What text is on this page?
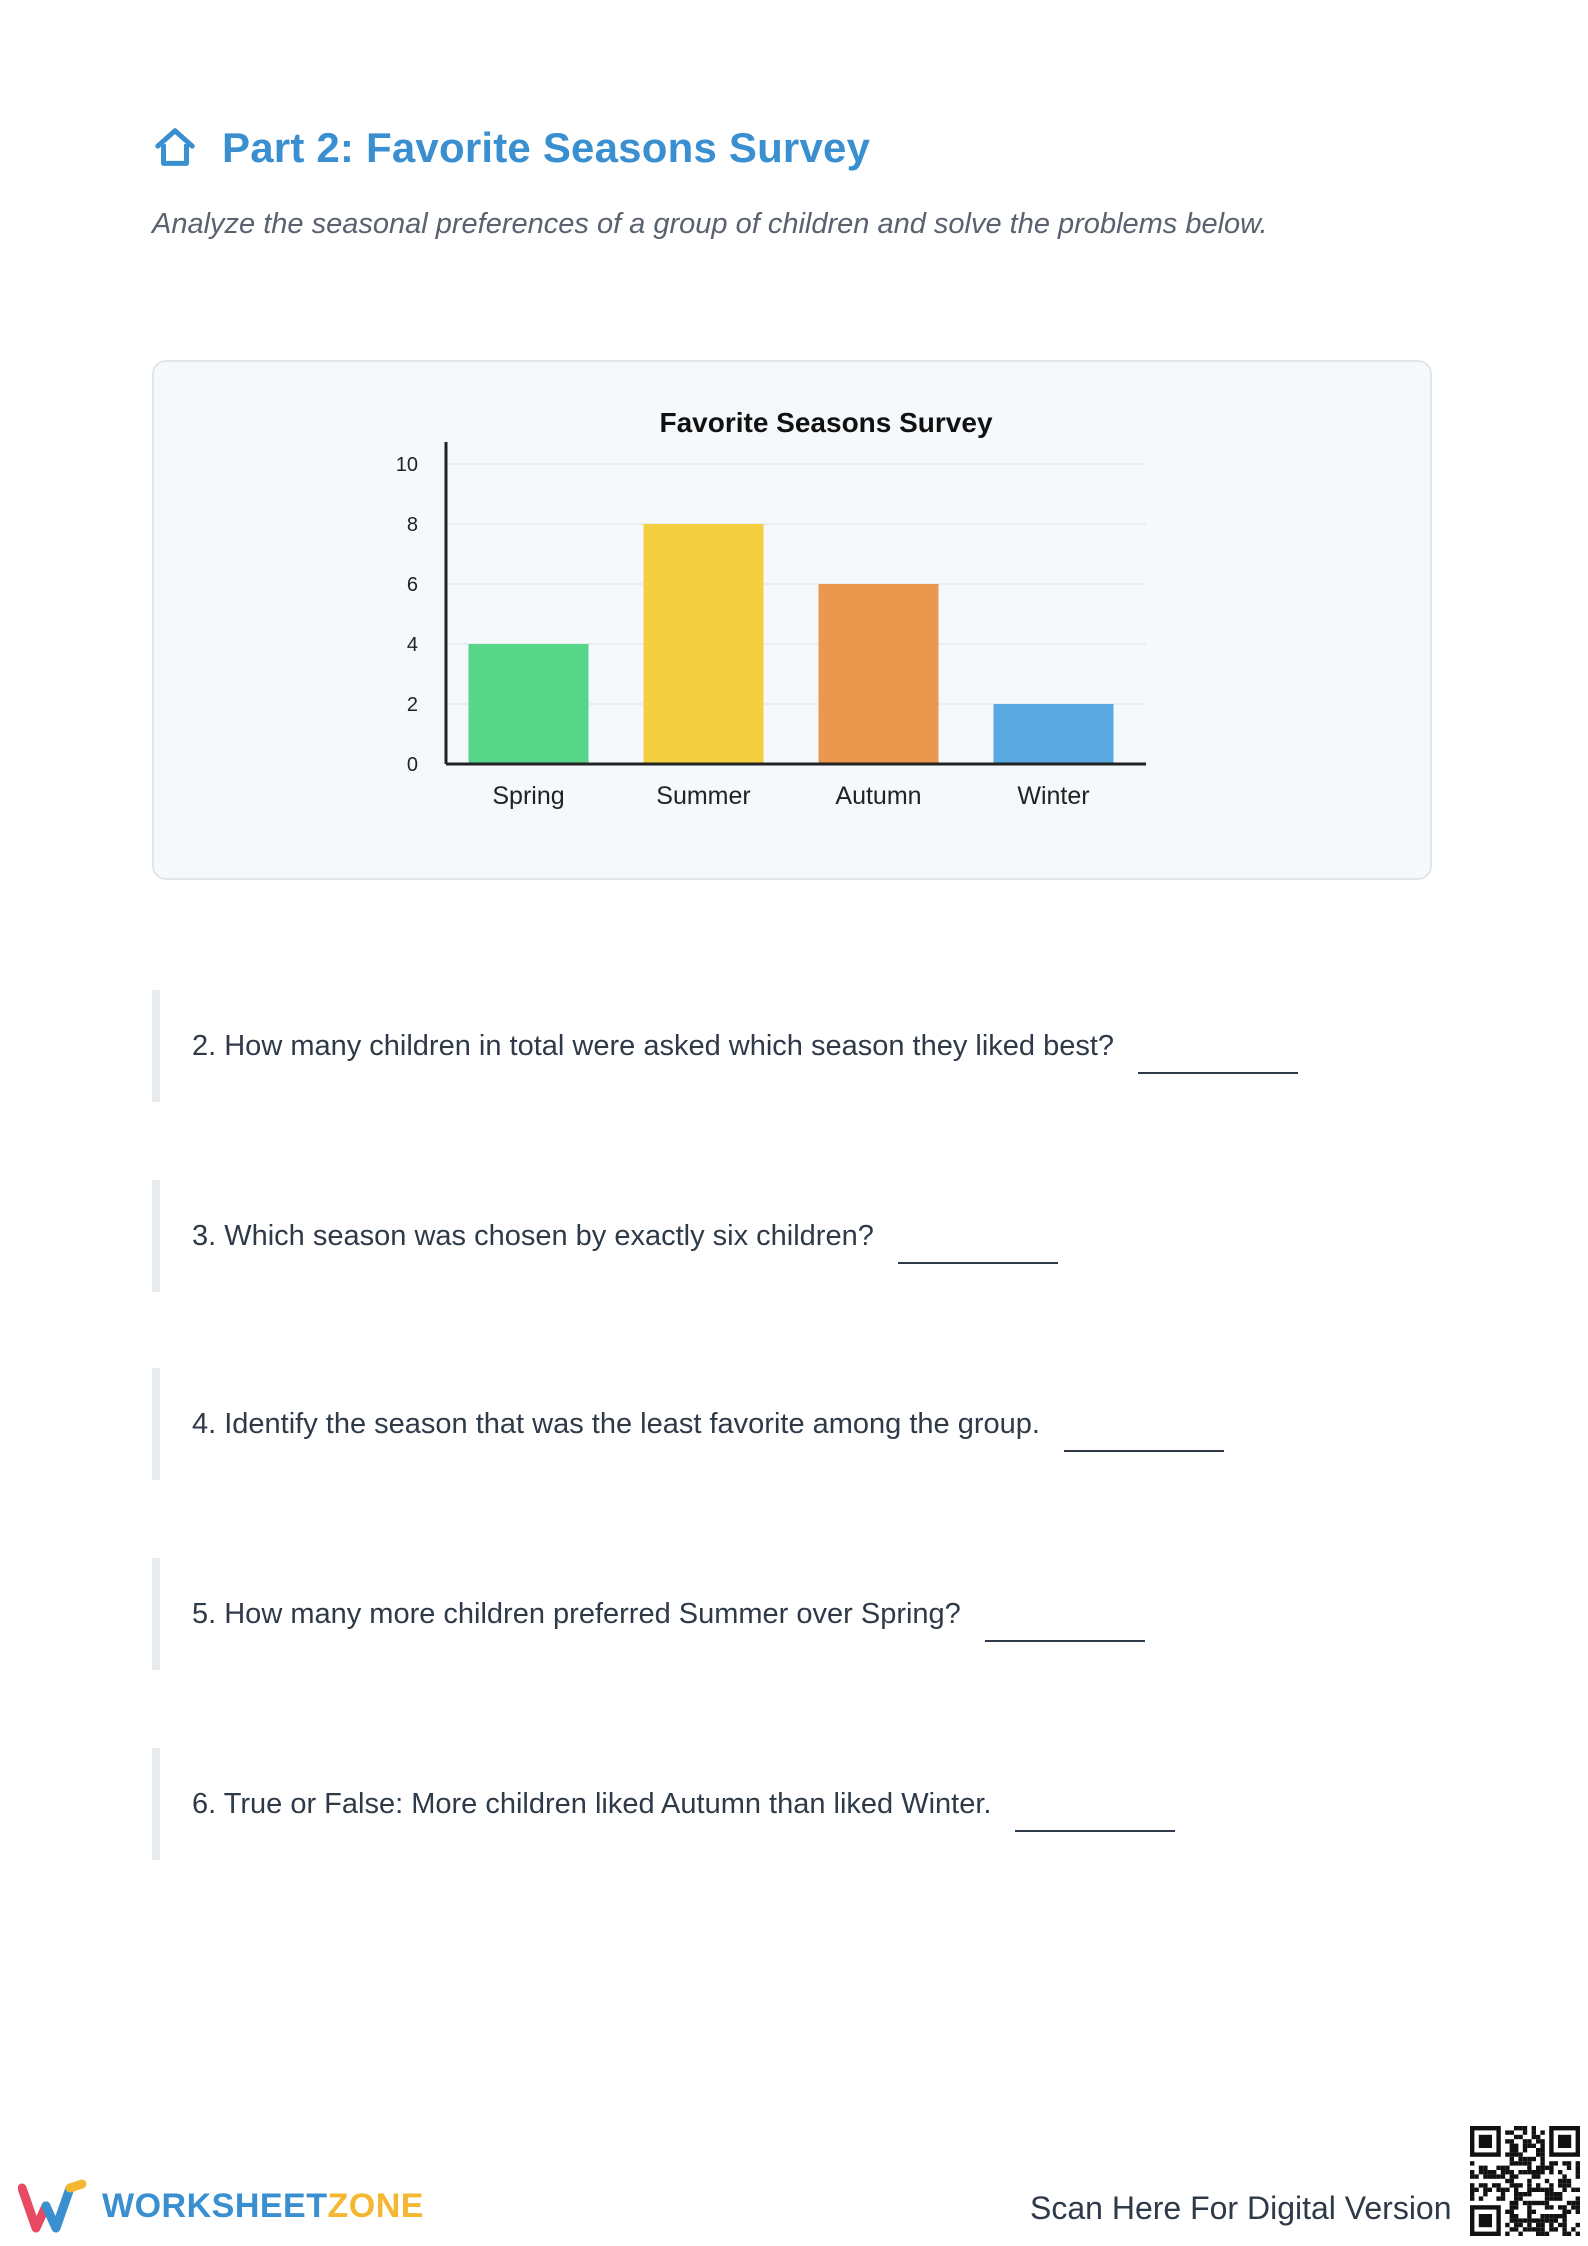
Part 2: Favorite Seasons Survey
Analyze the seasonal preferences of a group of children and solve the problems below.
Favorite Seasons Survey
0
2
4
6
8
10
Spring	Summer	Autumn	Winter
2. How many children in total were asked which season they liked best?
3. Which season was chosen by exactly six children?
4. Identify the season that was the least favorite among the group.
5. How many more children preferred Summer over Spring?
6. True or False: More children liked Autumn than liked Winter.
WORKSHEETZONE	Scan Here For Digital Version
